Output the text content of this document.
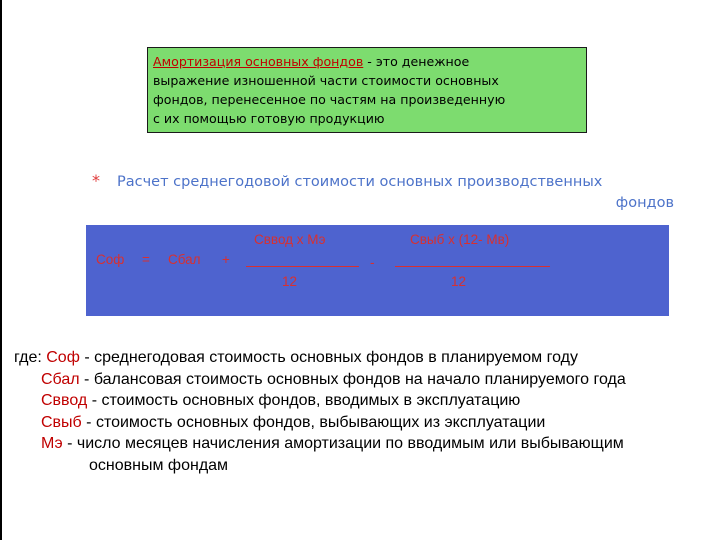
Амортизация основных фондов - это денежное
выражение изношенной части стоимости основных
фондов, перенесенное по частям на произведенную
с их помощью готовую продукцию
* Расчет среднегодовой стоимости основных производственных
фондов
Соф = Сбал +
Сввод x Мэ
12
-
Свыб x (12- Мв)
12
где: Соф - среднегодовая стоимость основных фондов в планируемом году
Сбал - балансовая стоимость основных фондов на начало планируемого года
Сввод - стоимость основных фондов, вводимых в эксплуатацию
Свыб - стоимость основных фондов, выбывающих из эксплуатации
Мэ - число месяцев начисления амортизации по вводимым или выбывающим
основным фондам
